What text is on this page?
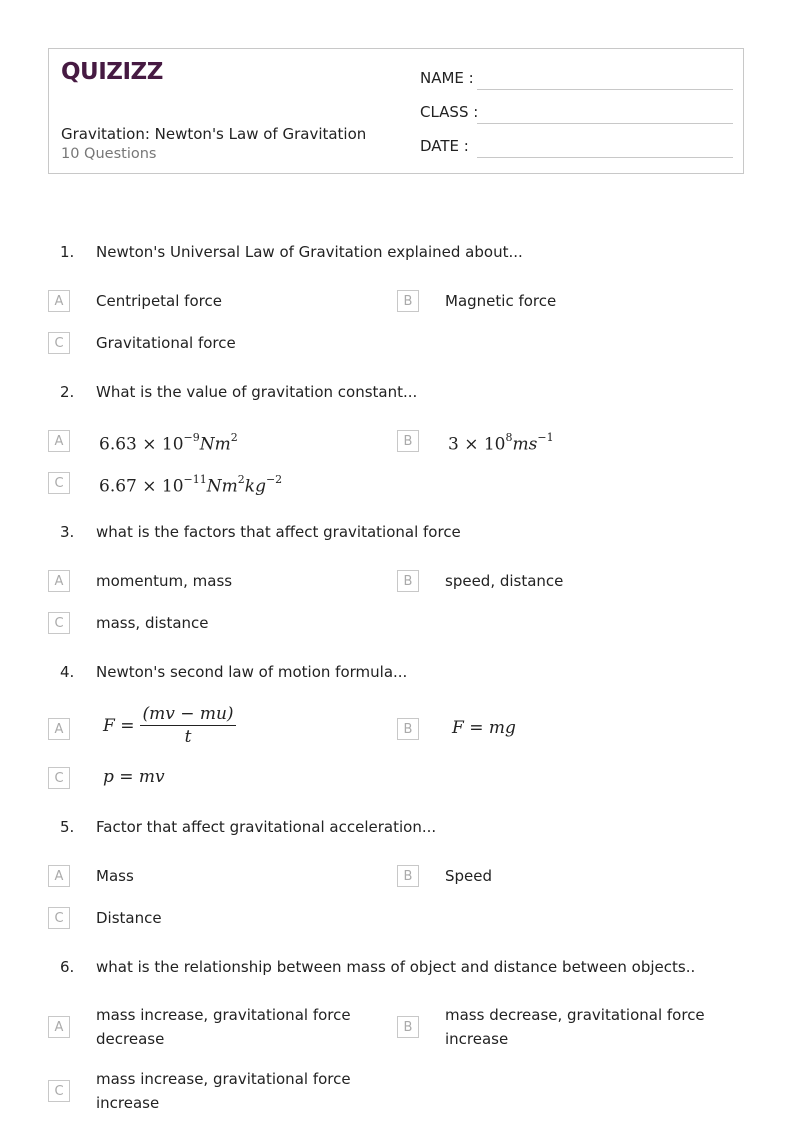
QUIZIZZ
Gravitation: Newton's Law of Gravitation
10 Questions
NAME :
CLASS :
DATE :
1. Newton's Universal Law of Gravitation explained about...
A	Centripetal force	B	Magnetic force
C	Gravitational force
2. What is the value of gravitation constant...
A	$6.63 \times 10^{-9}Nm^2$	B	$3 \times 10^8ms^{-1}$
C	$6.67 \times 10^{-11}Nm^2kg^{-2}$
3. what is the factors that affect gravitational force
A	momentum, mass	B	speed, distance
C	mass, distance
4. Newton's second law of motion formula...
A	$F = \frac{(mv - mu)}{t}$	B	F = mg
C	p = mv
5. Factor that affect gravitational acceleration...
A	Mass	B	Speed
C	Distance
6. what is the relationship between mass of object and distance between objects..
A
mass increase, gravitational force
decrease
B
mass decrease, gravitational force
increase
C
mass increase, gravitational force
increase
